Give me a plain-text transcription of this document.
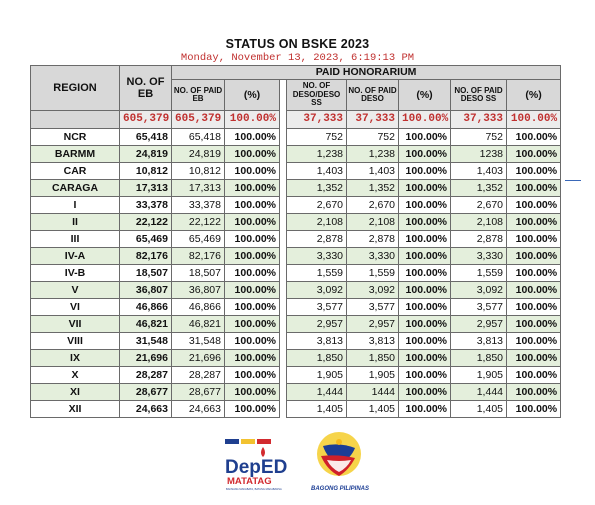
STATUS ON BSKE 2023
Monday, November 13, 2023, 6:19:13 PM
REGION	NO. OF EB	PAID HONORARIUM							
		NO. OF PAID EB	(%)		NO. OF DESO/DESO SS	NO. OF PAID DESO	(%)	NO. OF PAID DESO SS	(%)
	605,379	605,379	100.00%		37,333	37,333	100.00%	37,333	100.00%
NCR	65,418	65,418	100.00%		752	752	100.00%	752	100.00%
BARMM	24,819	24,819	100.00%		1,238	1,238	100.00%	1238	100.00%
CAR	10,812	10,812	100.00%		1,403	1,403	100.00%	1,403	100.00%
CARAGA	17,313	17,313	100.00%		1,352	1,352	100.00%	1,352	100.00%
I	33,378	33,378	100.00%		2,670	2,670	100.00%	2,670	100.00%
II	22,122	22,122	100.00%		2,108	2,108	100.00%	2,108	100.00%
III	65,469	65,469	100.00%		2,878	2,878	100.00%	2,878	100.00%
IV-A	82,176	82,176	100.00%		3,330	3,330	100.00%	3,330	100.00%
IV-B	18,507	18,507	100.00%		1,559	1,559	100.00%	1,559	100.00%
V	36,807	36,807	100.00%		3,092	3,092	100.00%	3,092	100.00%
VI	46,866	46,866	100.00%		3,577	3,577	100.00%	3,577	100.00%
VII	46,821	46,821	100.00%		2,957	2,957	100.00%	2,957	100.00%
VIII	31,548	31,548	100.00%		3,813	3,813	100.00%	3,813	100.00%
IX	21,696	21,696	100.00%		1,850	1,850	100.00%	1,850	100.00%
X	28,287	28,287	100.00%		1,905	1,905	100.00%	1,905	100.00%
XI	28,677	28,677	100.00%		1,444	1444	100.00%	1,444	100.00%
XII	24,663	24,663	100.00%		1,405	1,405	100.00%	1,405	100.00%
DepED
MATATAG
BANSANG MAKABATA, BATANG MAKABANSA	BAGONG PILIPINAS
